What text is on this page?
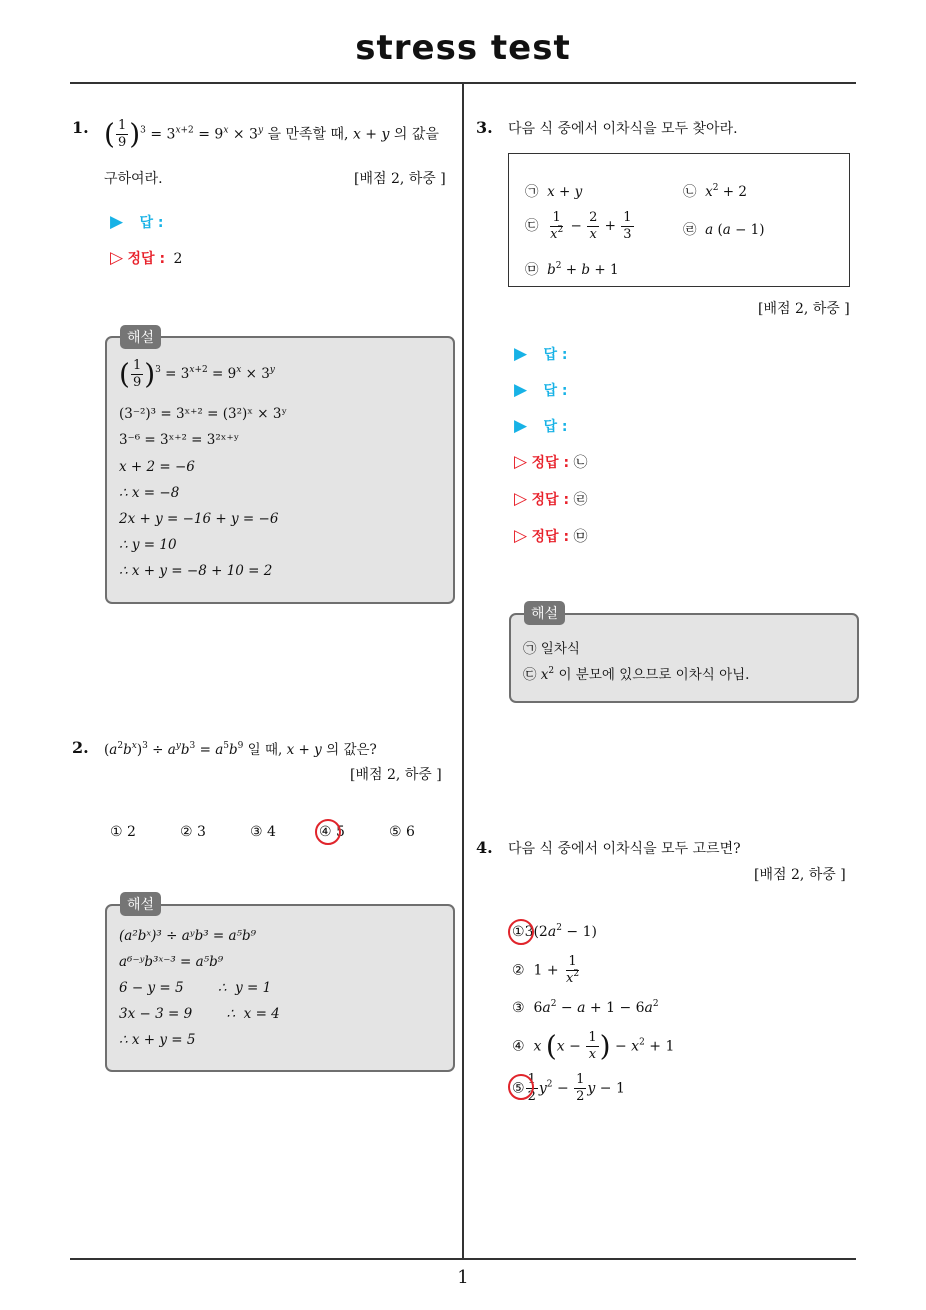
stress test
1
1. ( $\frac{1}{9} )^3 = 3^{x+2} = 9^x \times 3^y$ 을 만족할 때, x + y 의 값을
구하여라.	[배점 2, 하중 ]
▶ 답 :
▷ 정답 : 2
( $\frac{1}{9} )^3 = 3^{x+2} = 9^x \times 3^y$
(3⁻²)³ = 3ˣ⁺² = (3²)ˣ × 3ʸ
3⁻⁶ = 3ˣ⁺² = 3²ˣ⁺ʸ
x + 2 = −6
∴ x = −8
2x + y = −16 + y = −6
∴ y = 10
∴ x + y = −8 + 10 = 2
해설
2. $(a^2b^x)^3 \div a^yb^3 = a^5b^9$ 일 때, x + y 의 값은?
[배점 2, 하중 ]
① 2	② 3	③ 4	④ 5	⑤ 6
(a²bˣ)³ ÷ aʸb³ = a⁵b⁹
a⁶⁻ʸb³ˣ⁻³ = a⁵b⁹
6 − y = 5        ∴  y = 1
3x − 3 = 9        ∴  x = 4
∴ x + y = 5
해설
3. 다음 식 중에서 이차식을 모두 찾아라.
㉠ x + y	㉡ $x^2 + 2$
㉢ $\frac{1}{x^2} - \frac{2}{x} + \frac{1}{3}$	㉣ a (a − 1)
㉤ $b^2 + b + 1$
[배점 2, 하중 ]
▶ 답 :
▶ 답 :
▶ 답 :
▷ 정답 : ㉡
▷ 정답 : ㉣
▷ 정답 : ㉤
㉠ 일차식
㉢ $x^2$ 이 분모에 있으므로 이차식 아님.
해설
4. 다음 식 중에서 이차식을 모두 고르면?
[배점 2, 하중 ]
$①3(2a^2 - 1)$
②  $1 + \frac{1}{x^2}$
③  $6a^2 - a + 1 - 6a^2$
④ x ($x - \frac{1}{x}$ ) − $x^2 + 1$
⑤ $\frac{1}{2} y^2 - \frac{1}{2}$ y − 1
